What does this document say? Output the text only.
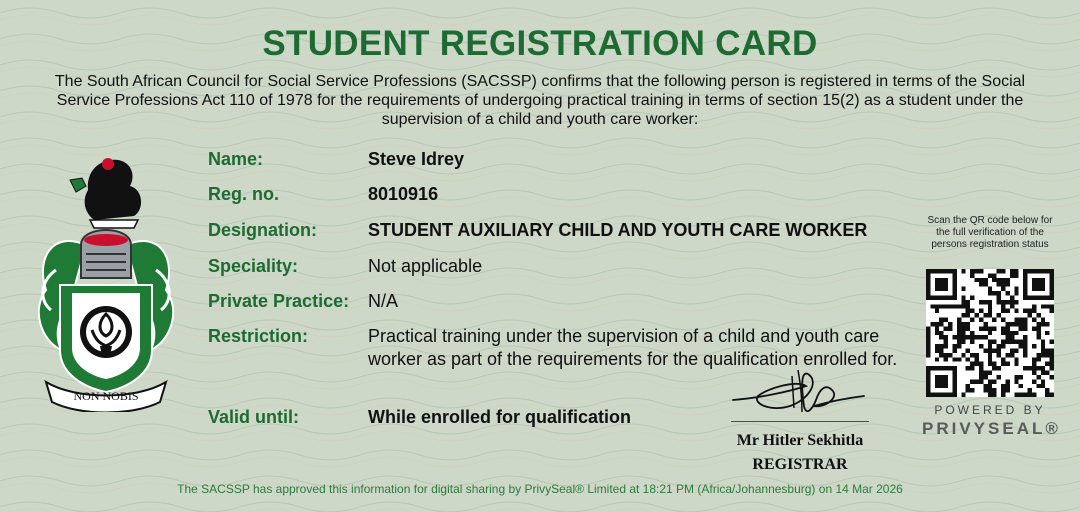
STUDENT REGISTRATION CARD
The South African Council for Social Service Professions (SACSSP) confirms that the following person is registered in terms of the Social Service Professions Act 110 of 1978 for the requirements of undergoing practical training in terms of section 15(2) as a student under the supervision of a child and youth care worker:
NON NOBIS
Name:	Steve Idrey
Reg. no.	8010916
Designation:	STUDENT AUXILIARY CHILD AND YOUTH CARE WORKER
Speciality:	Not applicable
Private Practice: N/A
Restriction:	Practical training under the supervision of a child and youth care worker as part of the requirements for the qualification enrolled for.
Valid until:	While enrolled for qualification
Scan the QR code below for the full verification of the persons registration status
POWERED BY
PRIVYSEAL®
Mr Hitler Sekhitla
REGISTRAR
The SACSSP has approved this information for digital sharing by PrivySeal® Limited at 18:21 PM (Africa/Johannesburg) on 14 Mar 2026
